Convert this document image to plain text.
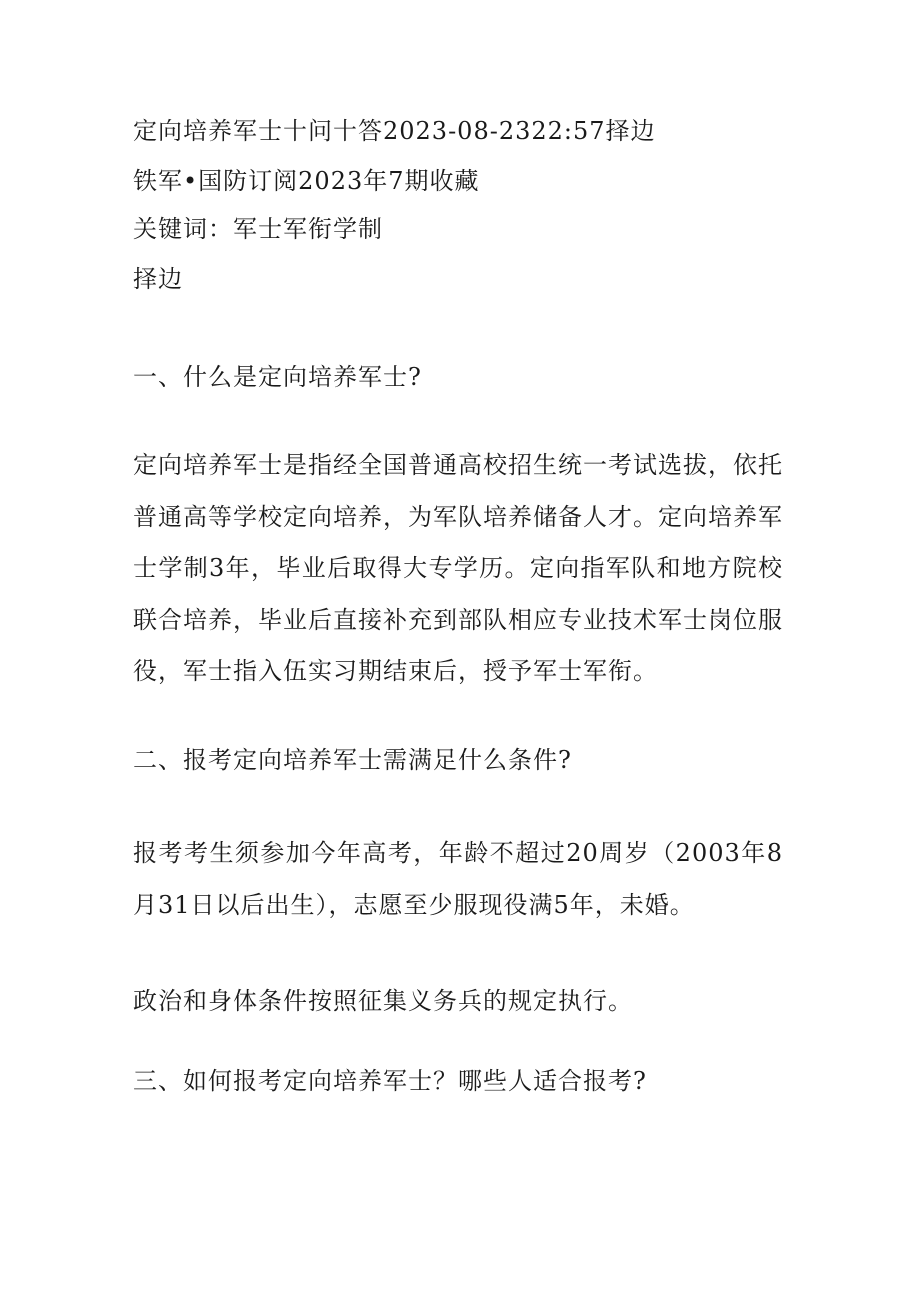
定向培养军士十问十答2023-08-2322:57择边
铁军•国防订阅2023年7期收藏
关键词：军士军衔学制
择边
一、什么是定向培养军士?
定向培养军士是指经全国普通高校招生统一考试选拔，依托普通高等学校定向培养，为军队培养储备人才。定向培养军士学制3年，毕业后取得大专学历。定向指军队和地方院校联合培养，毕业后直接补充到部队相应专业技术军士岗位服役，军士指入伍实习期结束后，授予军士军衔。
二、报考定向培养军士需满足什么条件?
报考考生须参加今年高考，年龄不超过20周岁（2003年8月31日以后出生），志愿至少服现役满5年，未婚。
政治和身体条件按照征集义务兵的规定执行。
三、如何报考定向培养军士？哪些人适合报考?
